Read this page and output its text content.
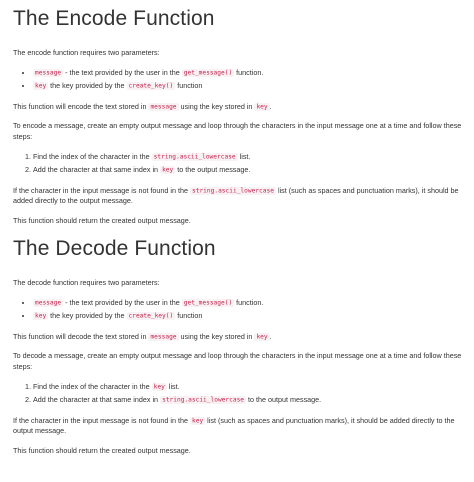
The Encode Function

The encode function requires two parameters:

• message - the text provided by the user in the get_message() function.
• key the key provided by the create_key() function

This function will encode the text stored in message using the key stored in key .

To encode a message, create an empty output message and loop through the characters in the input message one at a time and follow these steps:

1. Find the index of the character in the string.ascii_lowercase list.
2. Add the character at that same index in key to the output message.

If the character in the input message is not found in the string.ascii_lowercase list (such as spaces and punctuation marks), it should be added directly to the output message.

This function should return the created output message.

The Decode Function

The decode function requires two parameters:

• message - the text provided by the user in the get_message() function.
• key the key provided by the create_key() function

This function will decode the text stored in message using the key stored in key .

To decode a message, create an empty output message and loop through the characters in the input message one at a time and follow these steps:

1. Find the index of the character in the key list.
2. Add the character at that same index in string.ascii_lowercase to the output message.

If the character in the input message is not found in the key list (such as spaces and punctuation marks), it should be added directly to the output message.

This function should return the created output message.
